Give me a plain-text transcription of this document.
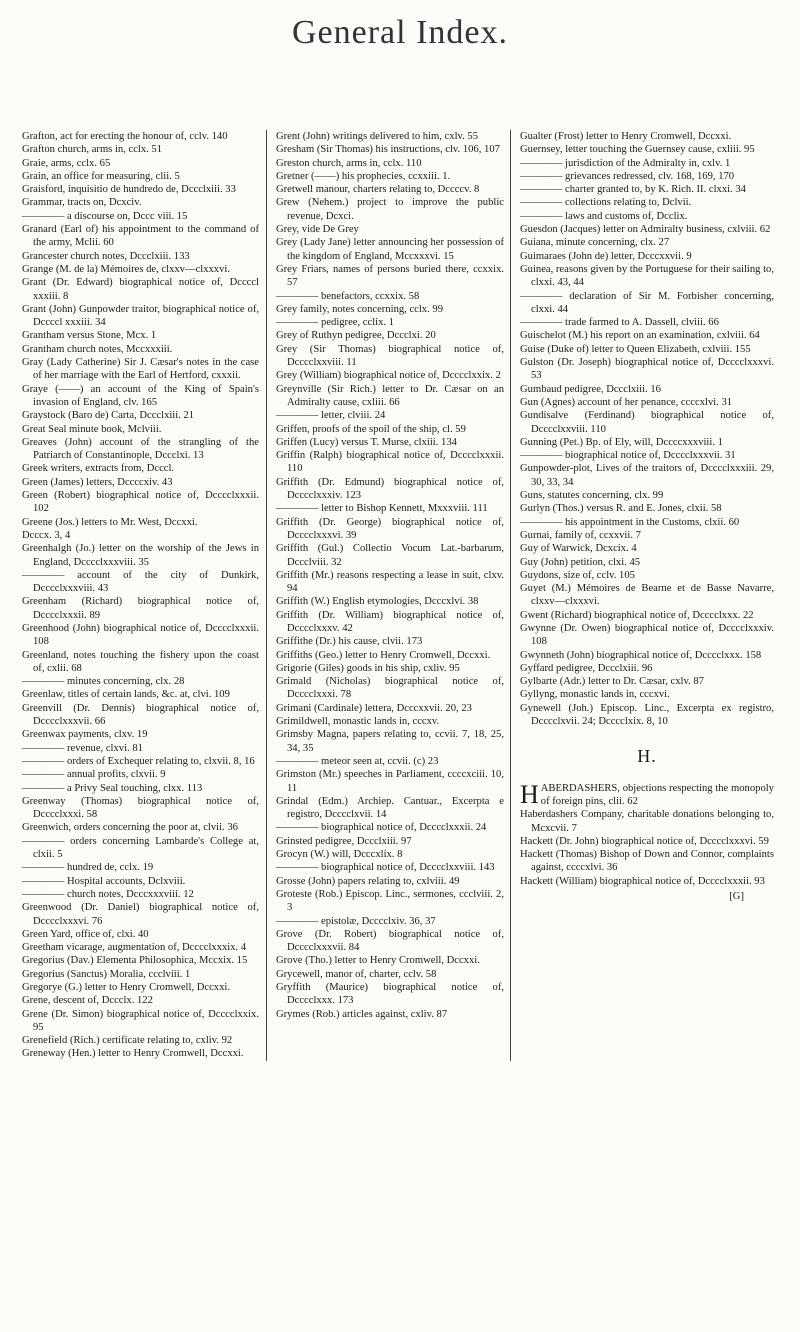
General Index.

Grafton, act for erecting the honour of, cclv. 140

Grafton church, arms in, cclx. 51

Graie, arms, cclx. 65

Grain, an office for measuring, clii. 5

Graisford, inquisitio de hundredo de, Dccclxiii. 33

Grammar, tracts on, Dcxciv.

———— a discourse on, Dccc viii. 15

Granard (Earl of) his appointment to the command of the army, Mclii. 60

Grancester church notes, Dccclxiii. 133

Grange (M. de la) Mémoires de, clxxv—clxxxvi.

Grant (Dr. Edward) biographical notice of, Dccccl xxxiii. 8

Grant (John) Gunpowder traitor, biographical notice of, Dccccl xxxiii. 34

Grantham versus Stone, Mcx. 1

Grantham church notes, Mccxxxiii.

Gray (Lady Catherine) Sir J. Cæsar's notes in the case of her marriage with the Earl of Hertford, cxxxii.

Graye (——) an account of the King of Spain's invasion of England, clv. 165

Graystock (Baro de) Carta, Dccclxiii. 21

Great Seal minute book, Mclviii.

Greaves (John) account of the strangling of the Patriarch of Constantinople, Dccclxi. 13

Greek writers, extracts from, Dcccl.

Green (James) letters, Dccccxiv. 43

Green (Robert) biographical notice of, Dcccclxxxii. 102

Greene (Jos.) letters to Mr. West, Dccxxi.

Dcccx. 3, 4

Greenhalgh (Jo.) letter on the worship of the Jews in England, Dcccclxxxviii. 35

———— account of the city of Dunkirk, Dcccclxxxviii. 43

Greenham (Richard) biographical notice of, Dcccclxxxii. 89

Greenhood (John) biographical notice of, Dcccclxxxii. 108

Greenland, notes touching the fishery upon the coast of, cxlii. 68

———— minutes concerning, clx. 28

Greenlaw, titles of certain lands, &c. at, clvi. 109

Greenvill (Dr. Dennis) biographical notice of, Dcccclxxxvii. 66

Greenwax payments, clxv. 19

———— revenue, clxvi. 81

———— orders of Exchequer relating to, clxvii. 8, 16

———— annual profits, clxvii. 9

———— a Privy Seal touching, clxx. 113

Greenway (Thomas) biographical notice of, Dcccclxxxi. 58

Greenwich, orders concerning the poor at, clvii. 36

———— orders concerning Lambarde's College at, clxii. 5

———— hundred de, cclx. 19

———— Hospital accounts, Dclxviii.

———— church notes, Dcccxxxviii. 12

Greenwood (Dr. Daniel) biographical notice of, Dcccclxxxvi. 76

Green Yard, office of, clxi. 40

Greetham vicarage, augmentation of, Dcccclxxxix. 4

Gregorius (Dav.) Elementa Philosophica, Mccxix. 15

Gregorius (Sanctus) Moralia, ccclviii. 1

Gregorye (G.) letter to Henry Cromwell, Dccxxi.

Grene, descent of, Dccclx. 122

Grene (Dr. Simon) biographical notice of, Dcccclxxix. 95

Grenefield (Rich.) certificate relating to, cxliv. 92

Greneway (Hen.) letter to Henry Cromwell, Dccxxi.

Grent (John) writings delivered to him, cxlv. 55

Gresham (Sir Thomas) his instructions, clv. 106, 107

Greston church, arms in, cclx. 110

Gretner (——) his prophecies, ccxxiii. 1.

Gretwell manour, charters relating to, Dccccv. 8

Grew (Nehem.) project to improve the public revenue, Dcxci.

Grey, vide De Grey

Grey (Lady Jane) letter announcing her possession of the kingdom of England, Mccxxxvi. 15

Grey Friars, names of persons buried there, ccxxix. 57

———— benefactors, ccxxix. 58

Grey family, notes concerning, cclx. 99

———— pedigree, cclix. 1

Grey of Ruthyn pedigree, Dccclxi. 20

Grey (Sir Thomas) biographical notice of, Dcccclxxviii. 11

Grey (William) biographical notice of, Dcccclxxix. 2

Greynville (Sir Rich.) letter to Dr. Cæsar on an Admiralty cause, cxliii. 66

———— letter, clviii. 24

Griffen, proofs of the spoil of the ship, cl. 59

Griffen (Lucy) versus T. Murse, clxiii. 134

Griffin (Ralph) biographical notice of, Dcccclxxxii. 110

Griffith (Dr. Edmund) biographical notice of, Dcccclxxxiv. 123

———— letter to Bishop Kennett, Mxxxviii. 111

Griffith (Dr. George) biographical notice of, Dcccclxxxvi. 39

Griffith (Gul.) Collectio Vocum Lat.-barbarum, Dccclviii. 32

Griffith (Mr.) reasons respecting a lease in suit, clxv. 94

Griffith (W.) English etymologies, Dcccxlvi. 38

Griffith (Dr. William) biographical notice of, Dcccclxxxv. 42

Griffithe (Dr.) his cause, clvii. 173

Griffiths (Geo.) letter to Henry Cromwell, Dccxxi.

Grigorie (Giles) goods in his ship, cxliv. 95

Grimald (Nicholas) biographical notice of, Dcccclxxxi. 78

Grimani (Cardinale) lettera, Dcccxxvii. 20, 23

Grimildwell, monastic lands in, cccxv.

Grimsby Magna, papers relating to, ccvii. 7, 18, 25, 34, 35

———— meteor seen at, ccvii. (c) 23

Grimston (Mr.) speeches in Parliament, ccccxciii. 10, 11

Grindal (Edm.) Archiep. Cantuar., Excerpta e registro, Dcccclxvii. 14

———— biographical notice of, Dcccclxxxii. 24

Grinsted pedigree, Dccclxiii. 97

Grocyn (W.) will, Dcccxlix. 8

———— biographical notice of, Dcccclxxviii. 143

Grosse (John) papers relating to, cxlviii. 49

Groteste (Rob.) Episcop. Linc., sermones, ccclviii. 2, 3

———— epistolæ, Dcccclxiv. 36, 37

Grove (Dr. Robert) biographical notice of, Dcccclxxxvii. 84

Grove (Tho.) letter to Henry Cromwell, Dccxxi.

Grycewell, manor of, charter, cclv. 58

Gryffith (Maurice) biographical notice of, Dcccclxxx. 173

Grymes (Rob.) articles against, cxliv. 87

Gualter (Frost) letter to Henry Cromwell, Dccxxi.

Guernsey, letter touching the Guernsey cause, cxliii. 95

———— jurisdiction of the Admiralty in, cxlv. 1

———— grievances redressed, clv. 168, 169, 170

———— charter granted to, by K. Rich. II. clxxi. 34

———— collections relating to, Dclvii.

———— laws and customs of, Dcclix.

Guesdon (Jacques) letter on Admiralty business, cxlviii. 62

Guiana, minute concerning, clx. 27

Guimaraes (John de) letter, Dcccxxvii. 9

Guinea, reasons given by the Portuguese for their sailing to, clxxi. 43, 44

———— declaration of Sir M. Forbisher concerning, clxxi. 44

———— trade farmed to A. Dassell, clviii. 66

Guischelot (M.) his report on an examination, cxlviii. 64

Guise (Duke of) letter to Queen Elizabeth, cxlviii. 155

Gulston (Dr. Joseph) biographical notice of, Dcccclxxxvi. 53

Gumbaud pedigree, Dccclxiii. 16

Gun (Agnes) account of her penance, ccccxlvi. 31

Gundisalve (Ferdinand) biographical notice of, Dcccclxxviii. 110

Gunning (Pet.) Bp. of Ely, will, Dccccxxxviii. 1

———— biographical notice of, Dcccclxxxvii. 31

Gunpowder-plot, Lives of the traitors of, Dcccclxxxiii. 29, 30, 33, 34

Guns, statutes concerning, clx. 99

Gurlyn (Thos.) versus R. and E. Jones, clxii. 58

———— his appointment in the Customs, clxii. 60

Gurnai, family of, ccxxvii. 7

Guy of Warwick, Dcxcix. 4

Guy (John) petition, clxi. 45

Guydons, size of, cclv. 105

Guyet (M.) Mémoires de Bearne et de Basse Navarre, clxxv—clxxxvi.

Gwent (Richard) biographical notice of, Dcccclxxx. 22

Gwynne (Dr. Owen) biographical notice of, Dcccclxxxiv. 108

Gwynneth (John) biographical notice of, Dcccclxxx. 158

Gyffard pedigree, Dccclxiii. 96

Gylbarte (Adr.) letter to Dr. Cæsar, cxlv. 87

Gyllyng, monastic lands in, cccxvi.

Gynewell (Joh.) Episcop. Linc., Excerpta ex registro, Dcccclxvii. 24; Dcccclxix. 8, 10

H.

HABERDASHERS, objections respecting the monopoly of foreign pins, clii. 62

Haberdashers Company, charitable donations belonging to, Mcxcvii. 7

Hackett (Dr. John) biographical notice of, Dcccclxxxvi. 59

Hackett (Thomas) Bishop of Down and Connor, complaints against, ccccxlvi. 36

Hackett (William) biographical notice of, Dcccclxxxii. 93

[G]
